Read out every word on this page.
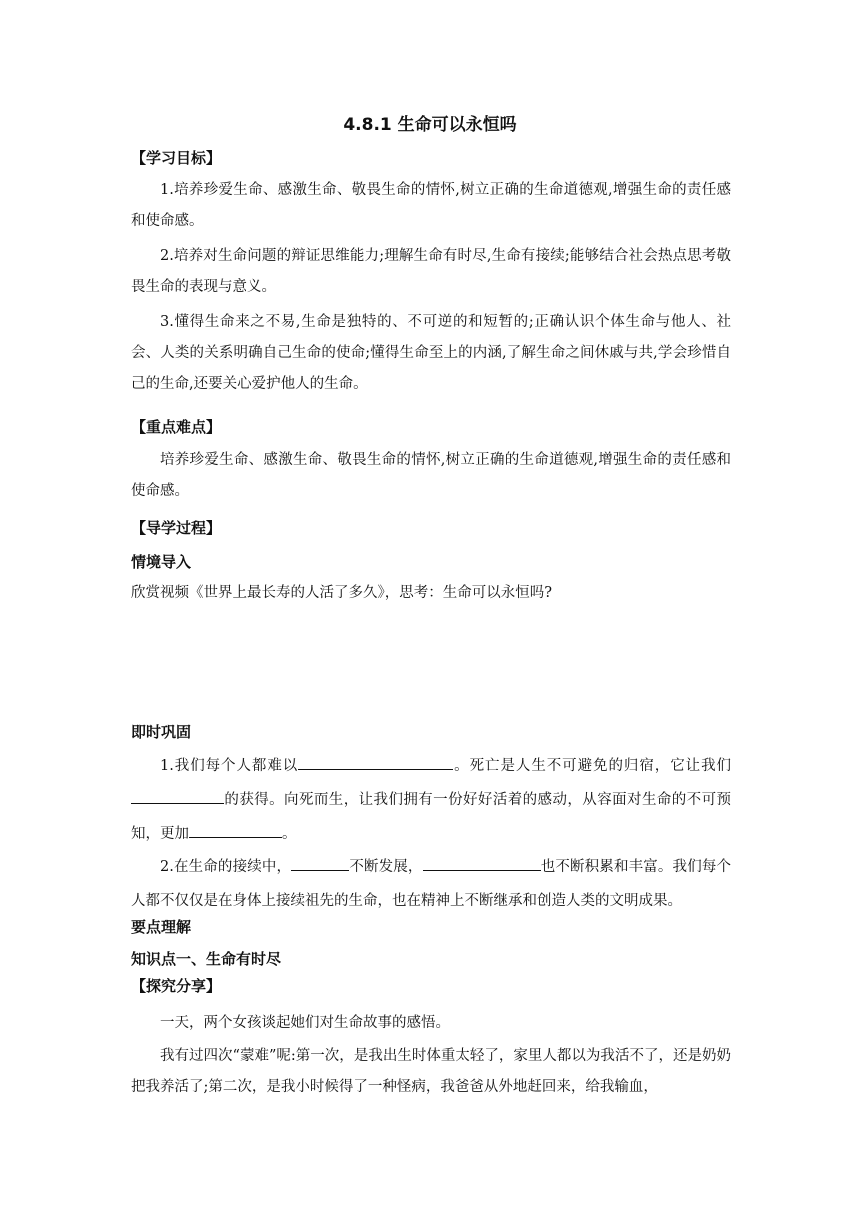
4.8.1 生命可以永恒吗
【学习目标】
1.培养珍爱生命、感激生命、敬畏生命的情怀,树立正确的生命道德观,增强生命的责任感和使命感。
2.培养对生命问题的辩证思维能力;理解生命有时尽,生命有接续;能够结合社会热点思考敬畏生命的表现与意义。
3.懂得生命来之不易,生命是独特的、不可逆的和短暂的;正确认识个体生命与他人、社会、人类的关系明确自己生命的使命;懂得生命至上的内涵,了解生命之间休戚与共,学会珍惜自己的生命,还要关心爱护他人的生命。
【重点难点】
培养珍爱生命、感激生命、敬畏生命的情怀,树立正确的生命道德观,增强生命的责任感和使命感。
【导学过程】
情境导入
欣赏视频《世界上最长寿的人活了多久》，思考：生命可以永恒吗?
即时巩固
1.我们每个人都难以	。死亡是人生不可避免的归宿，它让我们的获得。向死而生，让我们拥有一份好好活着的感动，从容面对生命的不可预知，更加	。
2.在生命的接续中，	不断发展，	也不断积累和丰富。我们每个人都不仅仅是在身体上接续祖先的生命，也在精神上不断继承和创造人类的文明成果。
要点理解
知识点一、生命有时尽
【探究分享】
一天，两个女孩谈起她们对生命故事的感悟。
我有过四次“蒙难”呢:第一次，是我出生时体重太轻了，家里人都以为我活不了，还是奶奶把我养活了;第二次，是我小时候得了一种怪病，我爸爸从外地赶回来，给我输血，
